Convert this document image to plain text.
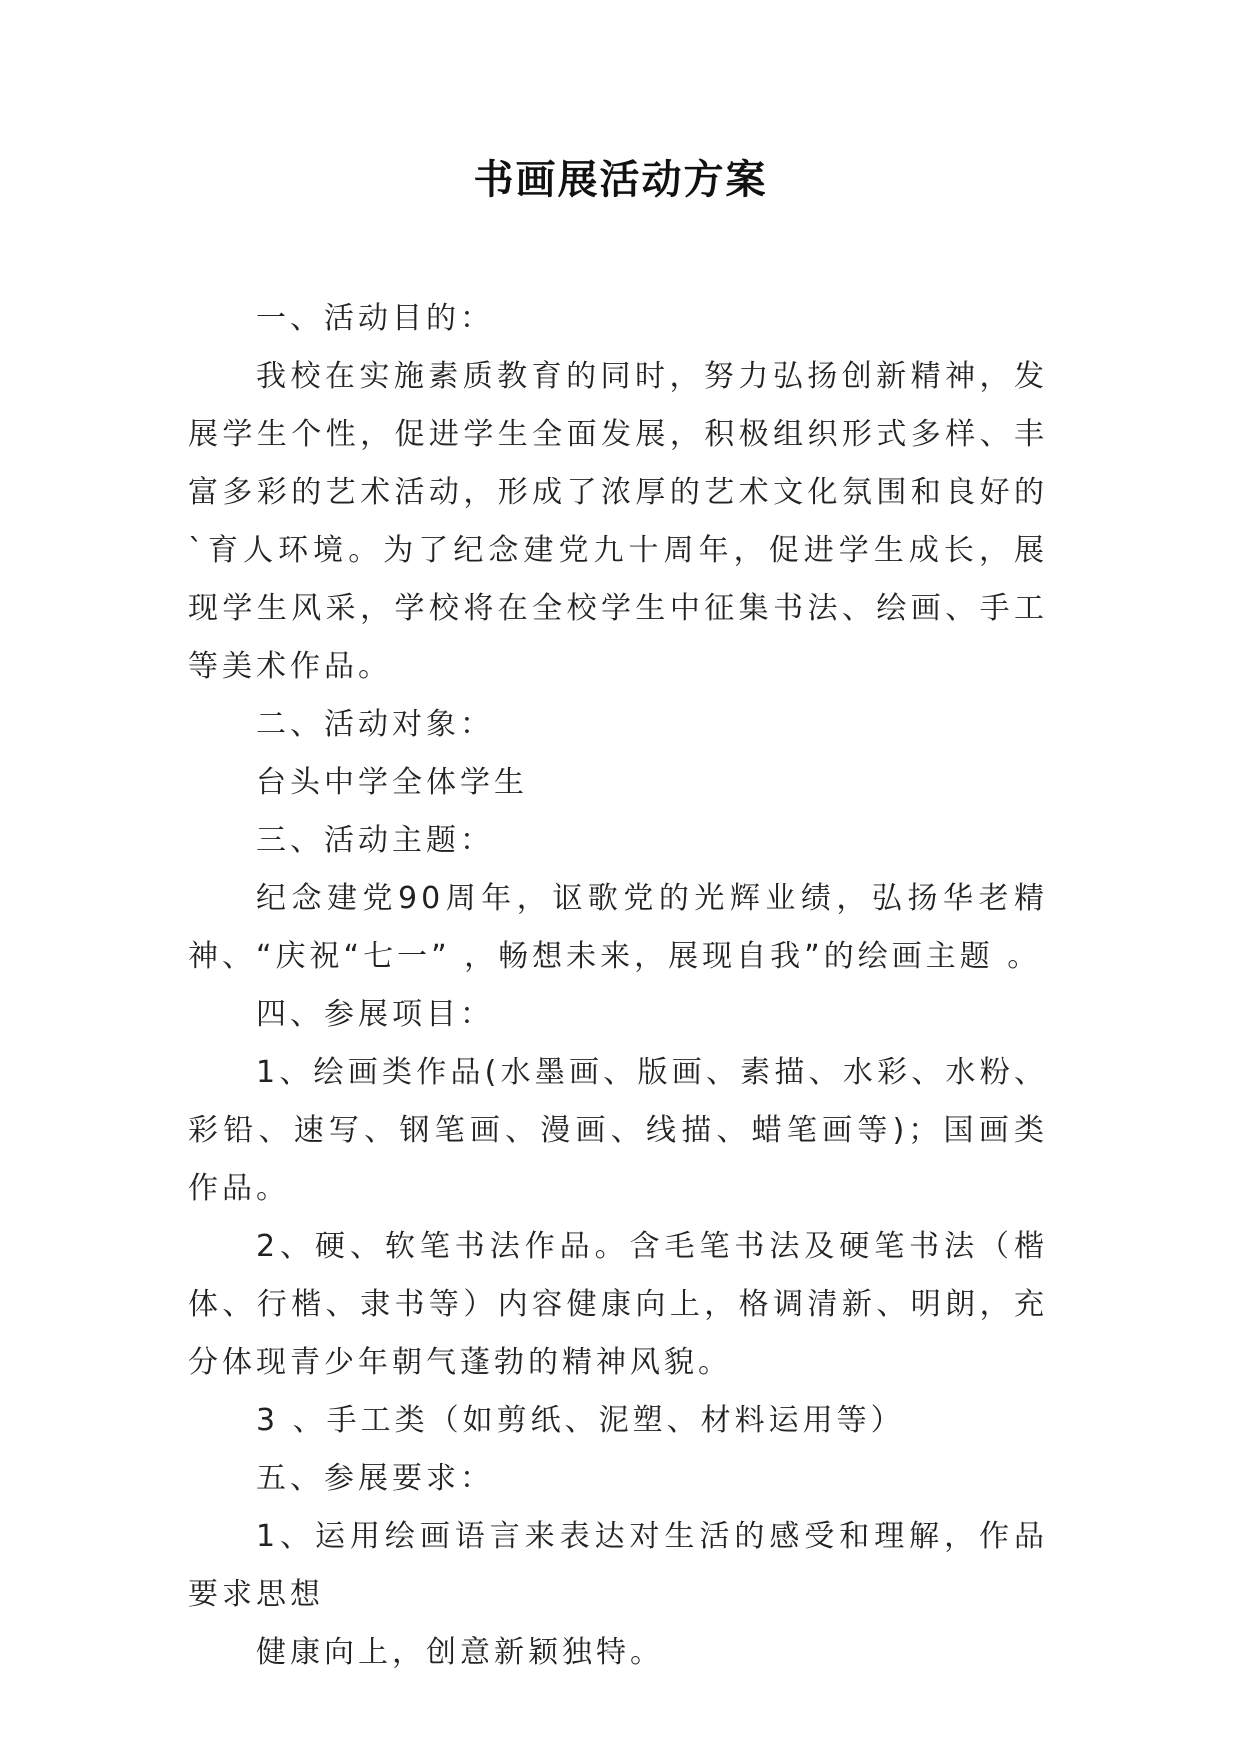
书画展活动方案

一、活动目的：

我校在实施素质教育的同时，努力弘扬创新精神，发展学生个性，促进学生全面发展，积极组织形式多样、丰富多彩的艺术活动，形成了浓厚的艺术文化氛围和良好的`育人环境。为了纪念建党九十周年，促进学生成长，展现学生风采，学校将在全校学生中征集书法、绘画、手工等美术作品。

二、活动对象：

台头中学全体学生

三、活动主题：

纪念建党90周年，讴歌党的光辉业绩，弘扬华老精神、“庆祝“七一” ，畅想未来，展现自我”的绘画主题 。

四、参展项目：

1、绘画类作品(水墨画、版画、素描、水彩、水粉、彩铅、速写、钢笔画、漫画、线描、蜡笔画等)；国画类作品。

2、硬、软笔书法作品。含毛笔书法及硬笔书法（楷体、行楷、隶书等）内容健康向上，格调清新、明朗，充分体现青少年朝气蓬勃的精神风貌。

3 、手工类（如剪纸、泥塑、材料运用等）

五、参展要求：

1、运用绘画语言来表达对生活的感受和理解，作品要求思想

健康向上，创意新颖独特。
